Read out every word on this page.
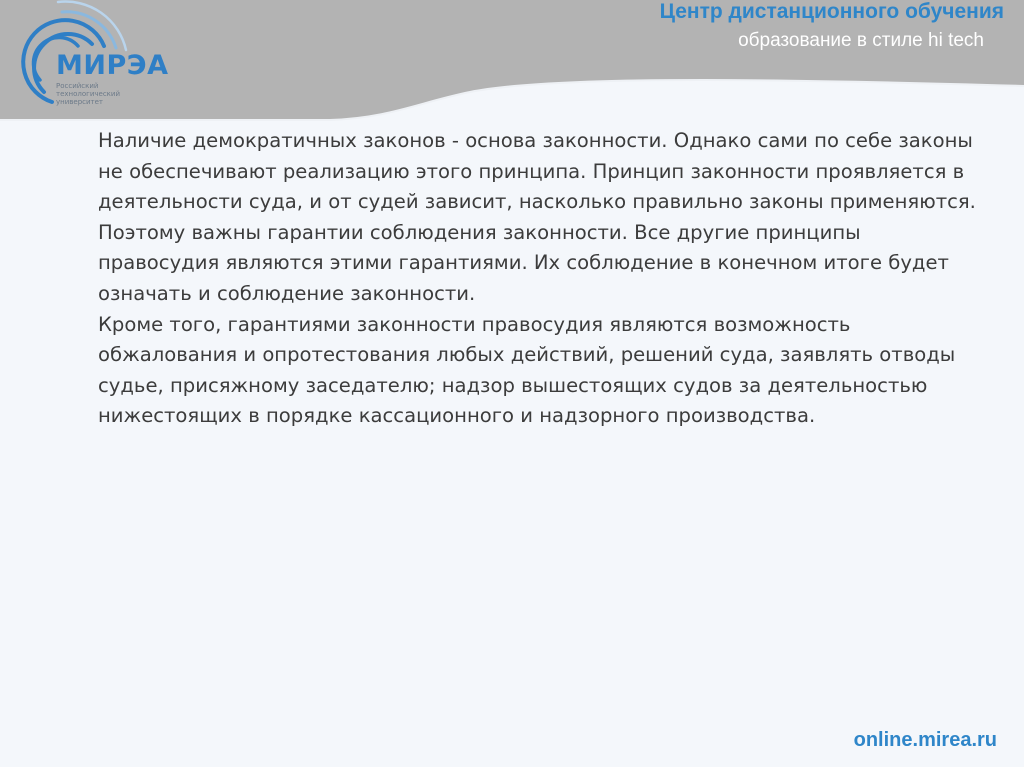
МИРЭА
Российский технологический университет
Центр дистанционного обучения
образование в стиле hi tech

Наличие демократичных законов - основа законности. Однако сами по себе законы не обеспечивают реализацию этого принципа. Принцип законности проявляется в деятельности суда, и от судей зависит, насколько правильно законы применяются. Поэтому важны гарантии соблюдения законности. Все другие принципы правосудия являются этими гарантиями. Их соблюдение в конечном итоге будет означать и соблюдение законности.

Кроме того, гарантиями законности правосудия являются возможность обжалования и опротестования любых действий, решений суда, заявлять отводы судье, присяжному заседателю; надзор вышестоящих судов за деятельностью нижестоящих в порядке кассационного и надзорного производства.

online.mirea.ru
